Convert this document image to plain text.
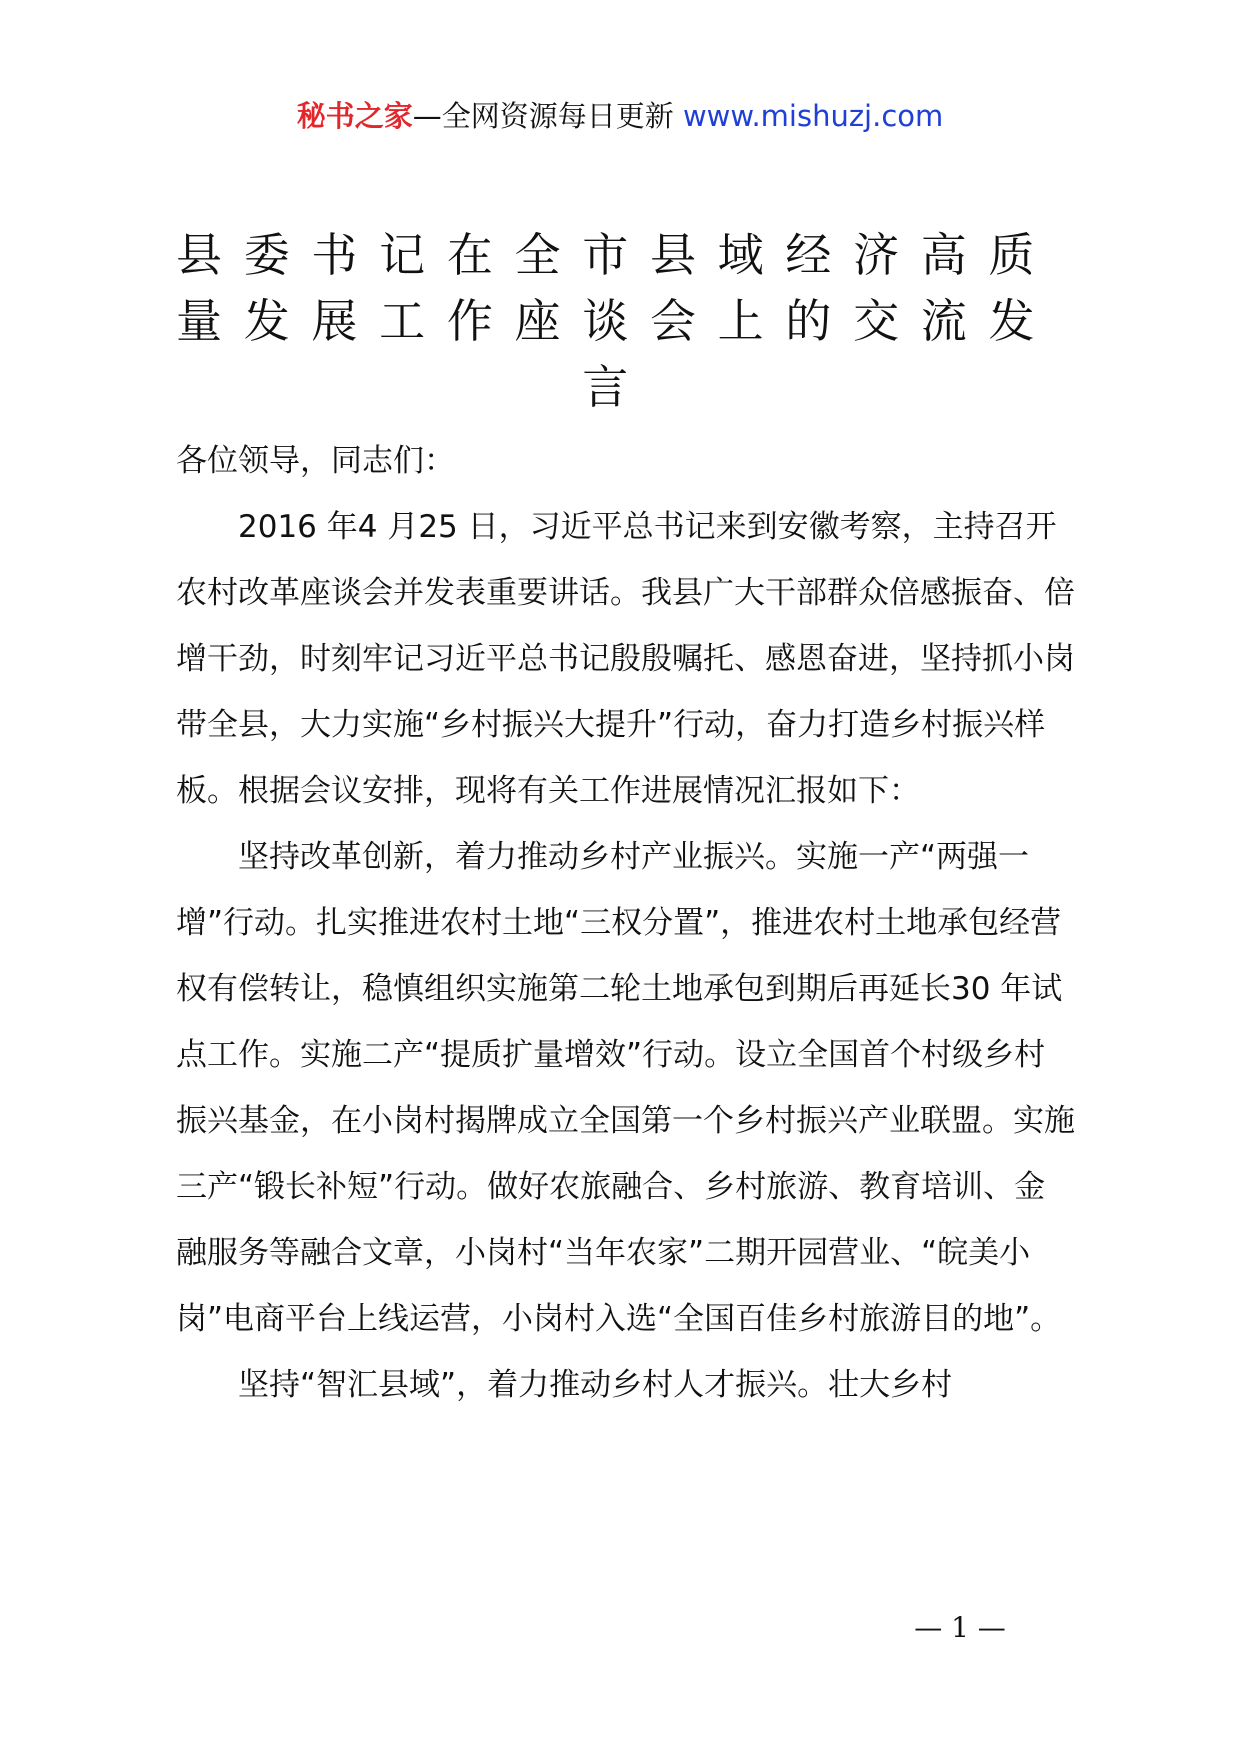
秘书之家—全网资源每日更新 www.mishuzj.com
县委书记在全市县域经济高质量发展工作座谈会上的交流发言

各位领导，同志们：

2016 年4 月25 日，习近平总书记来到安徽考察，主持召开农村改革座谈会并发表重要讲话。我县广大干部群众倍感振奋、倍增干劲，时刻牢记习近平总书记殷殷嘱托、感恩奋进，坚持抓小岗带全县，大力实施“乡村振兴大提升”行动，奋力打造乡村振兴样板。根据会议安排，现将有关工作进展情况汇报如下：

坚持改革创新，着力推动乡村产业振兴。实施一产“两强一增”行动。扎实推进农村土地“三权分置”，推进农村土地承包经营权有偿转让，稳慎组织实施第二轮土地承包到期后再延长30 年试点工作。实施二产“提质扩量增效”行动。设立全国首个村级乡村振兴基金，在小岗村揭牌成立全国第一个乡村振兴产业联盟。实施三产“锻长补短”行动。做好农旅融合、乡村旅游、教育培训、金融服务等融合文章，小岗村“当年农家”二期开园营业、“皖美小岗”电商平台上线运营，小岗村入选“全国百佳乡村旅游目的地”。

坚持“智汇县域”，着力推动乡村人才振兴。壮大乡村

— 1 —
